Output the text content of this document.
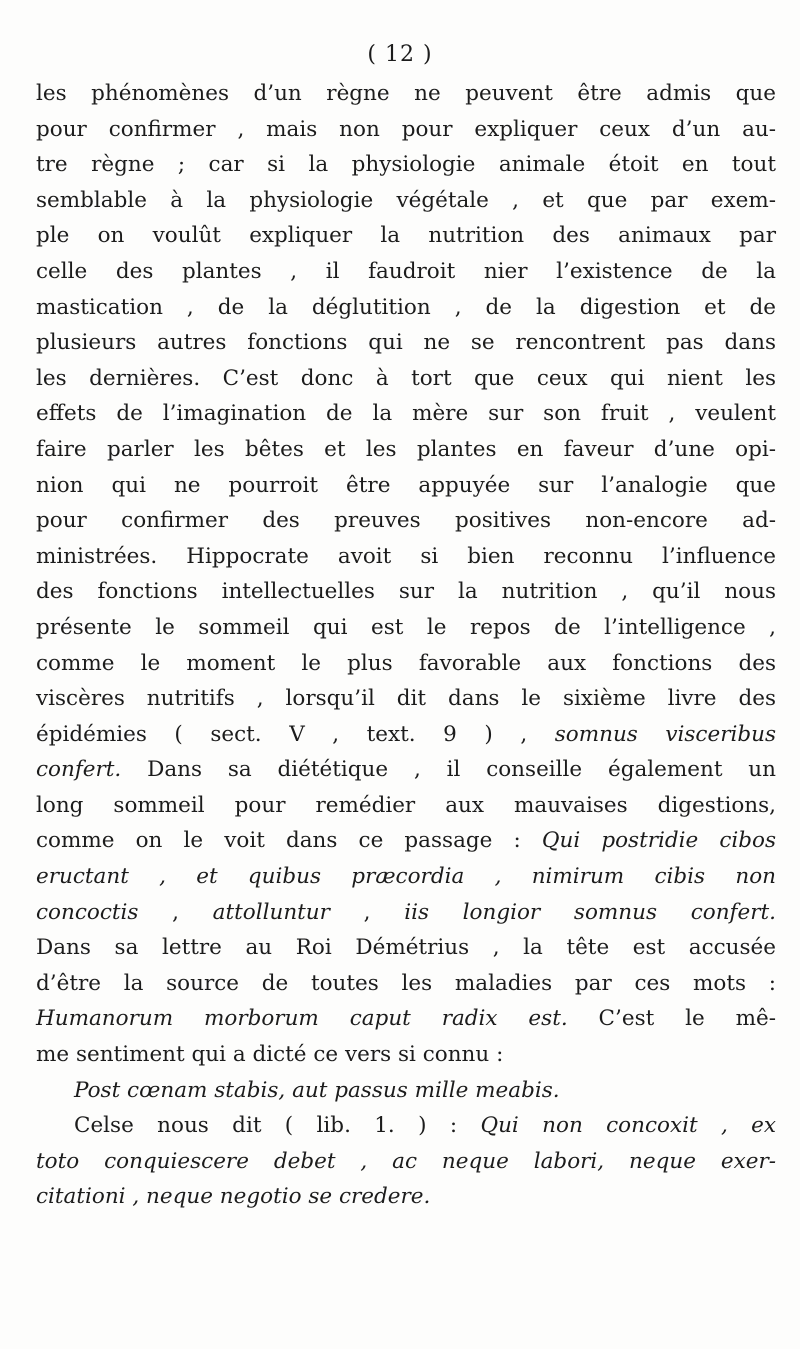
( 12 )
les phénomènes d’un règne ne peuvent être admis que
pour confirmer , mais non pour expliquer ceux d’un au-
tre règne ; car si la physiologie animale étoit en tout
semblable à la physiologie végétale , et que par exem-
ple on voulût expliquer la nutrition des animaux par
celle des plantes , il faudroit nier l’existence de la
mastication , de la déglutition , de la digestion et de
plusieurs autres fonctions qui ne se rencontrent pas dans
les dernières. C’est donc à tort que ceux qui nient les
effets de l’imagination de la mère sur son fruit , veulent
faire parler les bêtes et les plantes en faveur d’une opi-
nion qui ne pourroit être appuyée sur l’analogie que
pour confirmer des preuves positives non-encore ad-
ministrées. Hippocrate avoit si bien reconnu l’influence
des fonctions intellectuelles sur la nutrition , qu’il nous
présente le sommeil qui est le repos de l’intelligence ,
comme le moment le plus favorable aux fonctions des
viscères nutritifs , lorsqu’il dit dans le sixième livre des
épidémies ( sect. V , text. 9 ) , somnus visceribus
confert. Dans sa diététique , il conseille également un
long sommeil pour remédier aux mauvaises digestions,
comme on le voit dans ce passage : Qui postridie cibos
eructant , et quibus præcordia , nimirum cibis non
concoctis , attolluntur , iis longior somnus confert.
Dans sa lettre au Roi Démétrius , la tête est accusée
d’être la source de toutes les maladies par ces mots :
Humanorum morborum caput radix est. C’est le mê-
me sentiment qui a dicté ce vers si connu :
Post cœnam stabis, aut passus mille meabis.
Celse nous dit ( lib. 1. ) : Qui non concoxit , ex
toto conquiescere debet , ac neque labori, neque exer-
citationi , neque negotio se credere.
